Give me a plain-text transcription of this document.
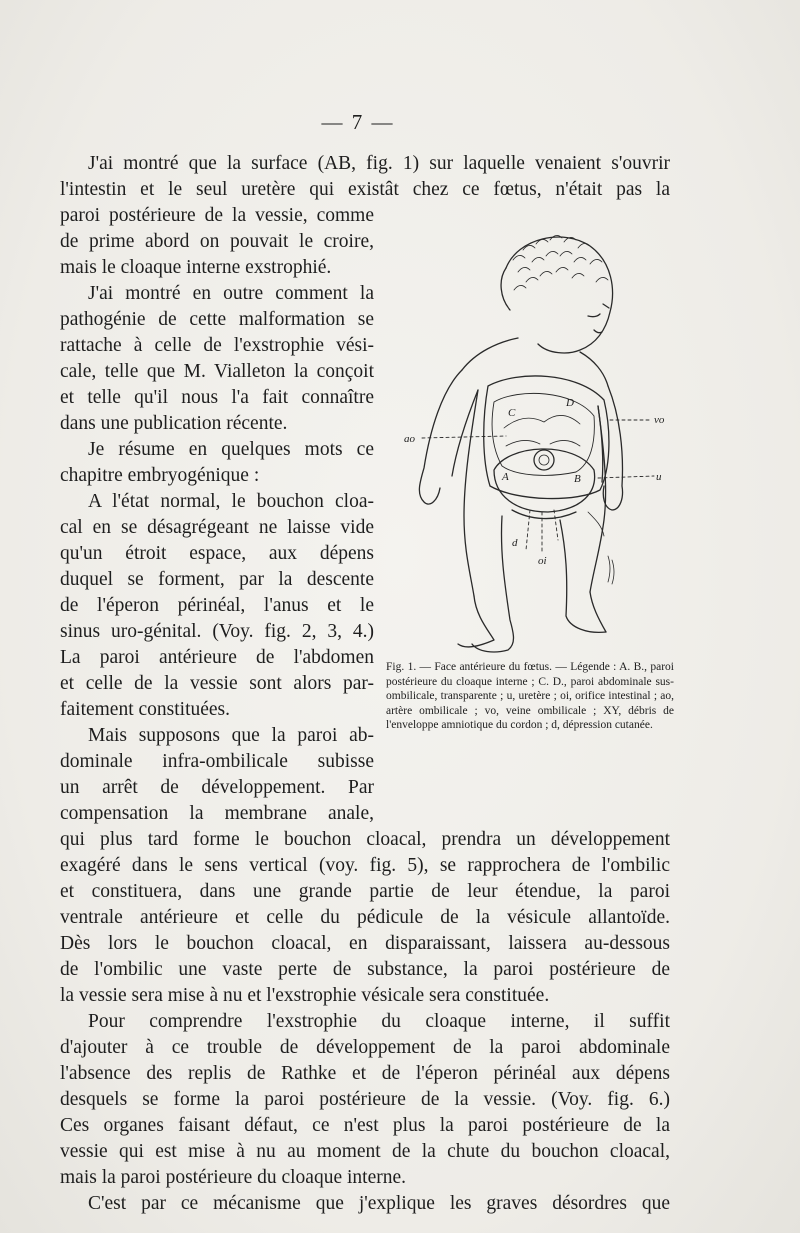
— 7 —
J'ai montré que la surface (AB, fig. 1) sur laquelle venaient s'ouvrir
l'intestin et le seul uretère qui existât chez ce fœtus, n'était pas la
paroi postérieure de la vessie, comme
de prime abord on pouvait le croire,
mais le cloaque interne exstrophié.
J'ai montré en outre comment la
pathogénie de cette malformation se
rattache à celle de l'exstrophie vési-
cale, telle que M. Vialleton la conçoit
et telle qu'il nous l'a fait connaître
dans une publication récente.
Je résume en quelques mots ce
chapitre embryogénique :
A l'état normal, le bouchon cloa-
cal en se désagrégeant ne laisse vide
qu'un étroit espace, aux dépens
duquel se forment, par la descente
de l'éperon périnéal, l'anus et le
sinus uro-génital. (Voy. fig. 2, 3, 4.)
La paroi antérieure de l'abdomen
et celle de la vessie sont alors par-
faitement constituées.
Mais supposons que la paroi ab-
dominale infra-ombilicale subisse
un arrêt de développement. Par
compensation la membrane anale,
qui plus tard forme le bouchon cloacal, prendra un développement
exagéré dans le sens vertical (voy. fig. 5), se rapprochera de l'ombilic
et constituera, dans une grande partie de leur étendue, la paroi
ventrale antérieure et celle du pédicule de la vésicule allantoïde.
Dès lors le bouchon cloacal, en disparaissant, laissera au-dessous
de l'ombilic une vaste perte de substance, la paroi postérieure de
la vessie sera mise à nu et l'exstrophie vésicale sera constituée.
Pour comprendre l'exstrophie du cloaque interne, il suffit
d'ajouter à ce trouble de développement de la paroi abdominale
l'absence des replis de Rathke et de l'éperon périnéal aux dépens
desquels se forme la paroi postérieure de la vessie. (Voy. fig. 6.)
Ces organes faisant défaut, ce n'est plus la paroi postérieure de la
vessie qui est mise à nu au moment de la chute du bouchon cloacal,
mais la paroi postérieure du cloaque interne.
C'est par ce mécanisme que j'explique les graves désordres que
C
D
A	B
ao
vo
u
d
oi
Fig. 1. — Face antérieure du fœtus. — Légende : A. B., paroi postérieure du cloaque interne ; C. D., paroi abdominale sus-ombilicale, transparente ; u, uretère ; oi, orifice intestinal ; ao, artère ombilicale ; vo, veine ombilicale ; XY, débris de l'enveloppe amniotique du cordon ; d, dépression cutanée.
